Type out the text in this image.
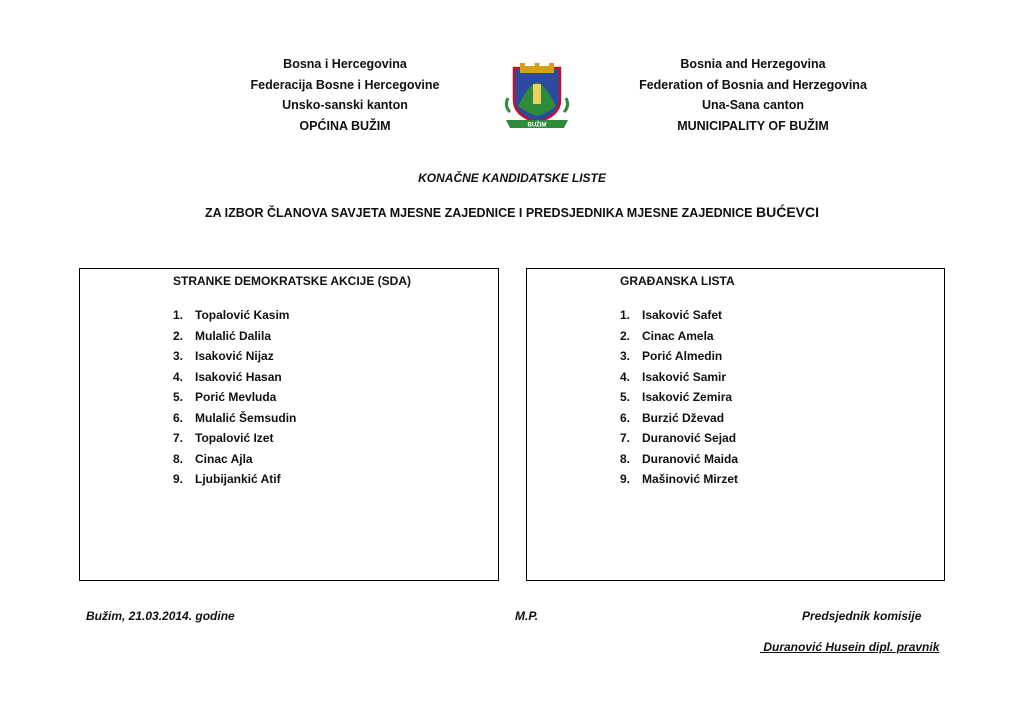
Bosna i Hercegovina
Federacija Bosne i Hercegovine
Unsko-sanski kanton
OPĆINA BUŽIM	BUŽIM
Bosnia and Herzegovina
Federation of Bosnia and Herzegovina
Una-Sana canton
MUNICIPALITY OF BUŽIM
KONAČNE KANDIDATSKE LISTE
ZA IZBOR ČLANOVA SAVJETA MJESNE ZAJEDNICE I PREDSJEDNIKA MJESNE ZAJEDNICE BUĆEVCI
STRANKE DEMOKRATSKE AKCIJE (SDA)
1. Topalović Kasim
2. Mulalić Dalila
3. Isaković Nijaz
4. Isaković Hasan
5. Porić Mevluda
6. Mulalić Šemsudin
7. Topalović Izet
8. Cinac Ajla
9. Ljubijankić Atif
GRAĐANSKA LISTA
1. Isaković Safet
2. Cinac Amela
3. Porić Almedin
4. Isaković Samir
5. Isaković Zemira
6. Burzić Dževad
7. Duranović Sejad
8. Duranović Maida
9. Mašinović Mirzet
Bužim, 21.03.2014. godine	M.P.	Predsjednik komisije
Duranović Husein dipl. pravnik
